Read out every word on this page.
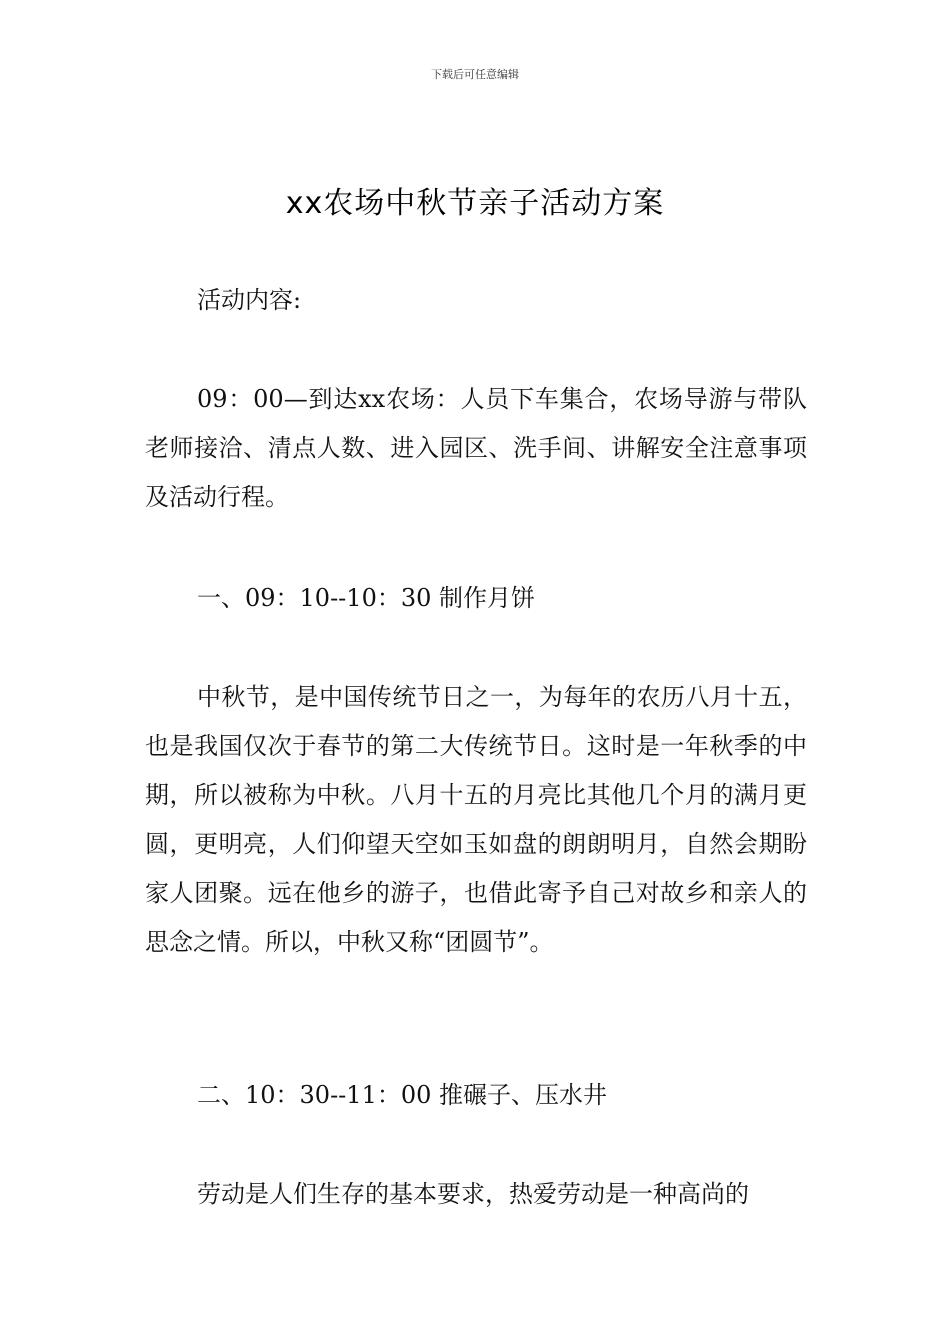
下载后可任意编辑
xx农场中秋节亲子活动方案

活动内容:

09：00—到达xx农场：人员下车集合，农场导游与带队老师接洽、清点人数、进入园区、洗手间、讲解安全注意事项及活动行程。

一、09：10--10：30 制作月饼

中秋节，是中国传统节日之一，为每年的农历八月十五，也是我国仅次于春节的第二大传统节日。这时是一年秋季的中期，所以被称为中秋。八月十五的月亮比其他几个月的满月更圆，更明亮，人们仰望天空如玉如盘的朗朗明月，自然会期盼家人团聚。远在他乡的游子，也借此寄予自己对故乡和亲人的思念之情。所以，中秋又称“团圆节”。

二、10：30--11：00 推碾子、压水井

劳动是人们生存的基本要求，热爱劳动是一种高尚的
